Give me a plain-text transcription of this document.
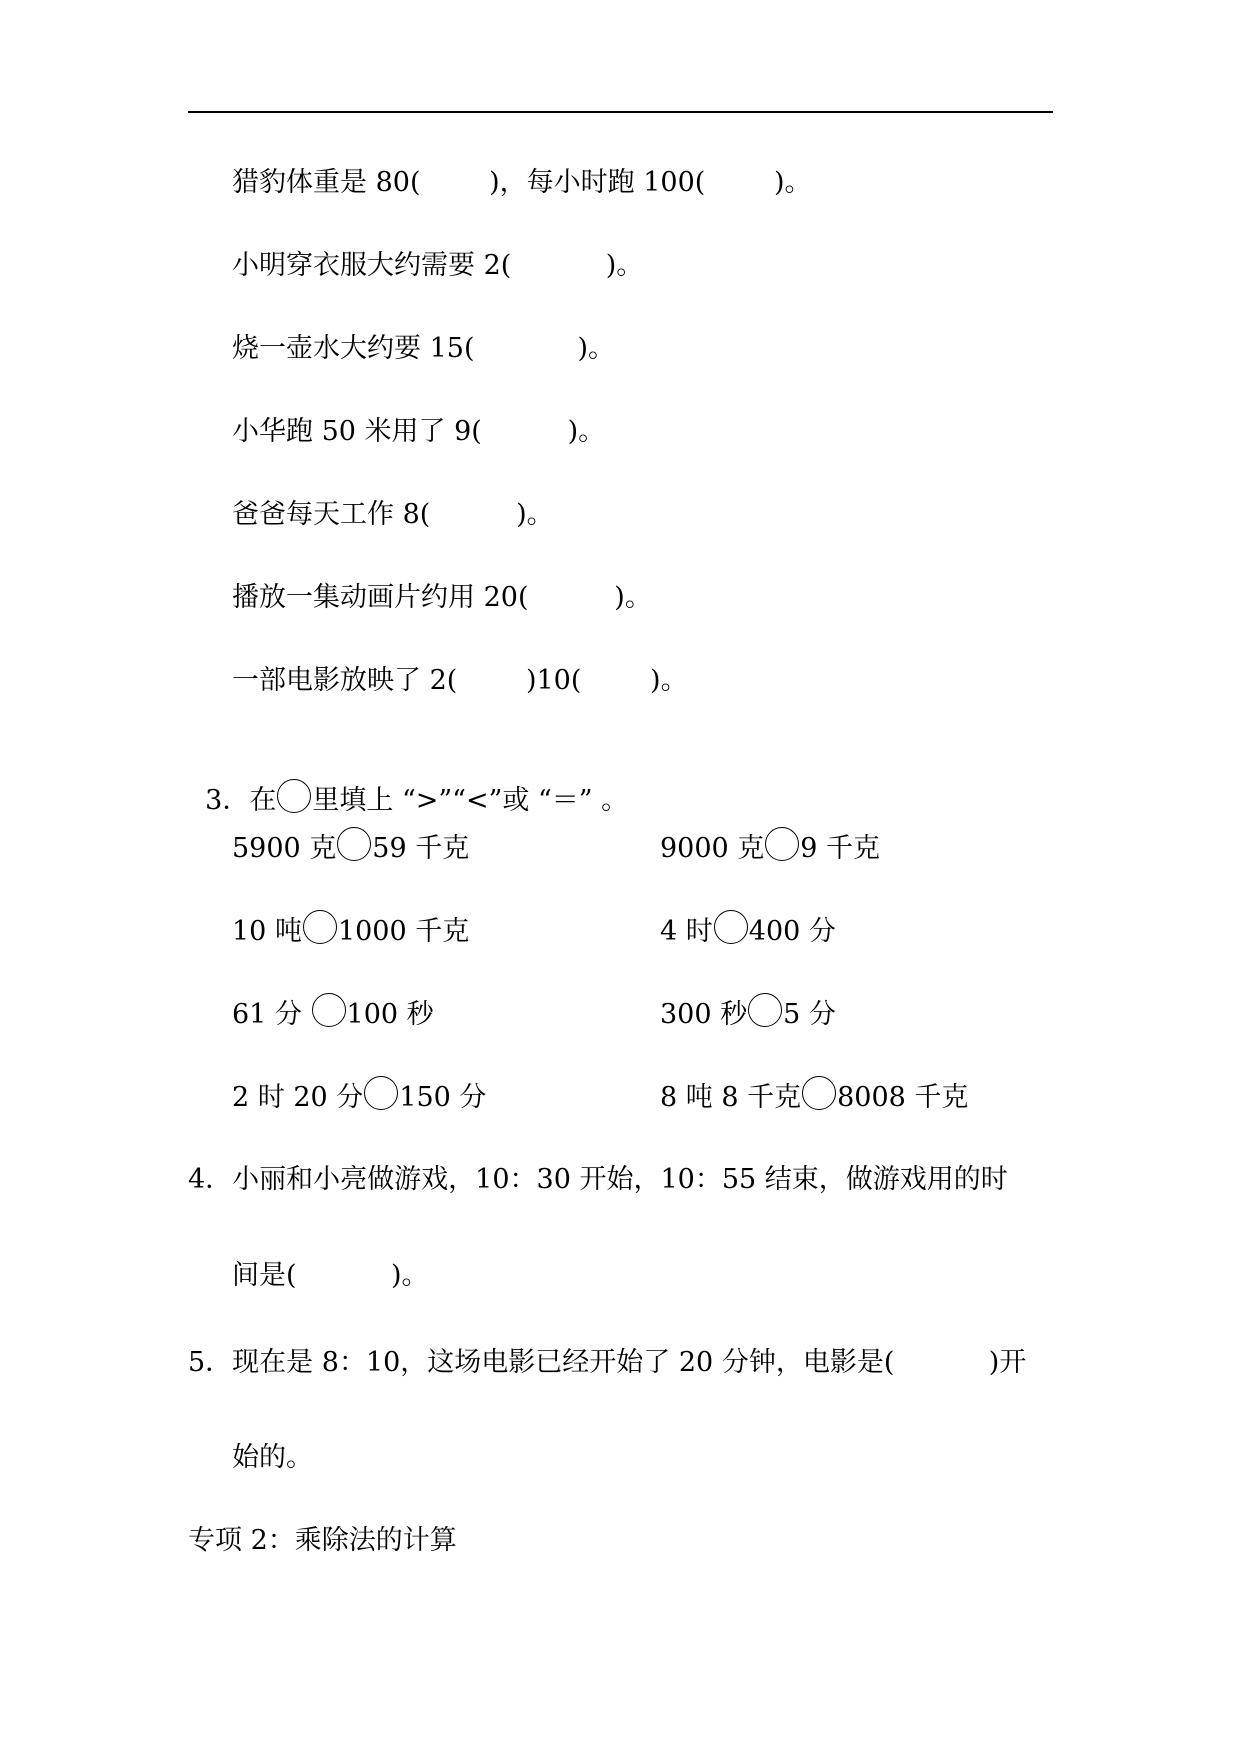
猎豹体重是 80(        )，每小时跑 100(        )。
小明穿衣服大约需要 2(           )。
烧一壶水大约要 15(            )。
小华跑 50 米用了 9(          )。
爸爸每天工作 8(          )。
播放一集动画片约用 20(          )。
一部电影放映了 2(        )10(        )。

3．在 里填上 “>”“<”或 “＝” 。

5900 克 59 千克	9000 克 9 千克
10 吨 1000 千克	4 时 400 分
61 分 100 秒	300 秒 5 分
2 时 20 分 150 分	8 吨 8 千克 8008 千克
4．小丽和小亮做游戏，10：30 开始，10：55 结束，做游戏用的时
间是(           )。
5．现在是 8：10，这场电影已经开始了 20 分钟，电影是(           )开
始的。
专项 2：乘除法的计算
